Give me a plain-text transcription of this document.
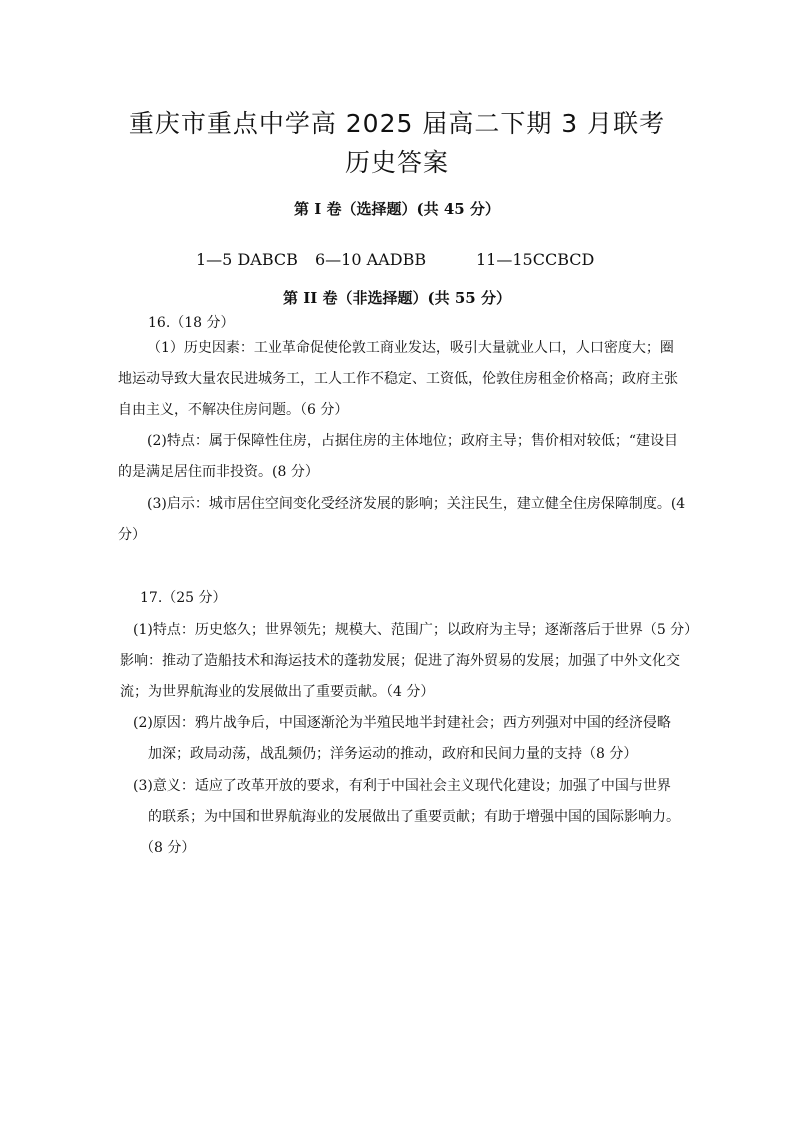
重庆市重点中学高 2025 届高二下期 3 月联考
历史答案
第 I 卷（选择题）(共 45 分）
1—5 DABCB 6—10 AADBB	11—15CCBCD
第 II 卷（非选择题）(共 55 分）
16.（18 分）
（1）历史因素：工业革命促使伦敦工商业发达，吸引大量就业人口，人口密度大；圈
地运动导致大量农民进城务工，工人工作不稳定、工资低，伦敦住房租金价格高；政府主张
自由主义，不解决住房问题。（6 分）
(2)特点：属于保障性住房，占据住房的主体地位；政府主导；售价相对较低；“建设目
的是满足居住而非投资。(8 分）
(3)启示：城市居住空间变化受经济发展的影响；关注民生，建立健全住房保障制度。(4
分）
17.（25 分）
(1)特点：历史悠久；世界领先；规模大、范围广；以政府为主导；逐渐落后于世界（5 分）
影响：推动了造船技术和海运技术的蓬勃发展；促进了海外贸易的发展；加强了中外文化交
流；为世界航海业的发展做出了重要贡献。（4 分）
(2)原因：鸦片战争后，中国逐渐沦为半殖民地半封建社会；西方列强对中国的经济侵略
加深；政局动荡，战乱频仍；洋务运动的推动，政府和民间力量的支持（8 分）
(3)意义：适应了改革开放的要求，有利于中国社会主义现代化建设；加强了中国与世界
的联系；为中国和世界航海业的发展做出了重要贡献；有助于增强中国的国际影响力。
（8 分）
